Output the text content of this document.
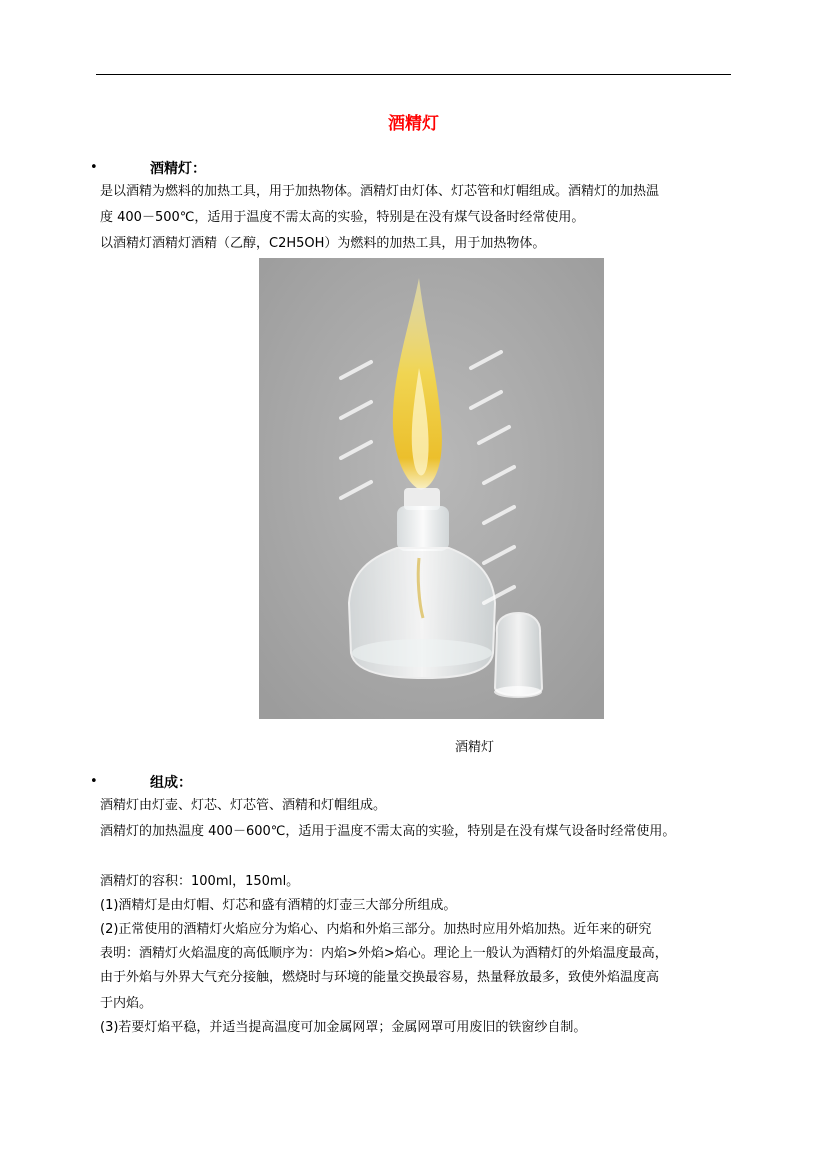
酒精灯
•	酒精灯：
是以酒精为燃料的加热工具，用于加热物体。酒精灯由灯体、灯芯管和灯帽组成。酒精灯的加热温
度 400－500℃，适用于温度不需太高的实验，特别是在没有煤气设备时经常使用。
以酒精灯酒精灯酒精（乙醇，C2H5OH）为燃料的加热工具，用于加热物体。
酒精灯
•	组成：
酒精灯由灯壶、灯芯、灯芯管、酒精和灯帽组成。
酒精灯的加热温度 400－600℃，适用于温度不需太高的实验，特别是在没有煤气设备时经常使用。
酒精灯的容积：100ml，150ml。
(1)酒精灯是由灯帽、灯芯和盛有酒精的灯壶三大部分所组成。
(2)正常使用的酒精灯火焰应分为焰心、内焰和外焰三部分。加热时应用外焰加热。近年来的研究
表明：酒精灯火焰温度的高低顺序为：内焰>外焰>焰心。理论上一般认为酒精灯的外焰温度最高，
由于外焰与外界大气充分接触，燃烧时与环境的能量交换最容易，热量释放最多，致使外焰温度高
于内焰。
(3)若要灯焰平稳，并适当提高温度可加金属网罩；金属网罩可用废旧的铁窗纱自制。
